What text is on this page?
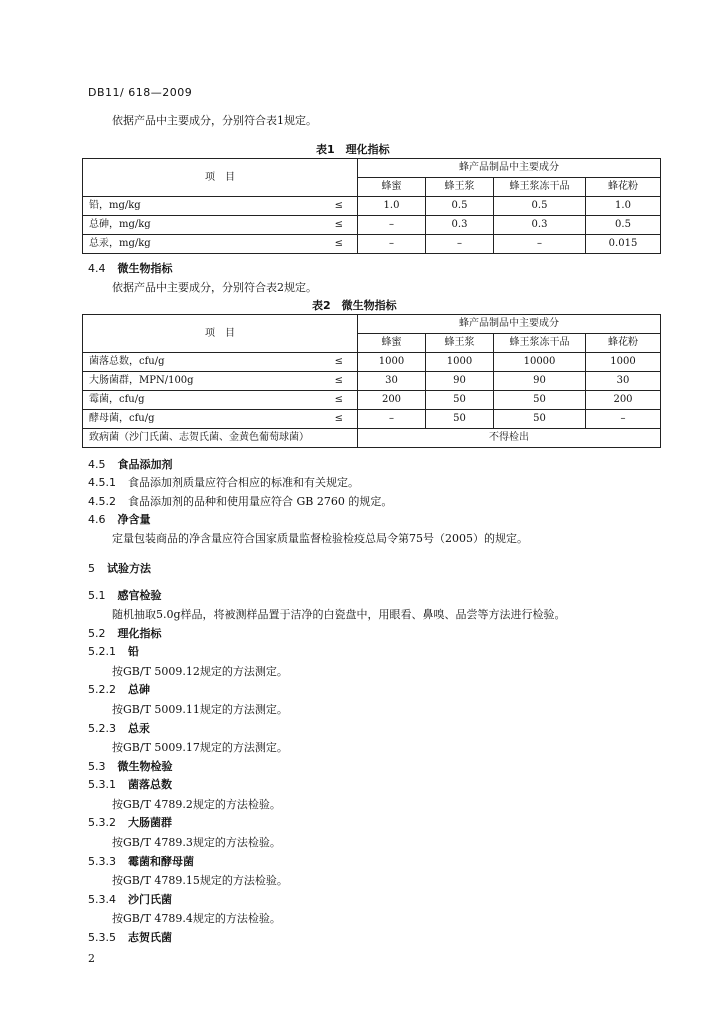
DB11/ 618—2009
依据产品中主要成分，分别符合表1规定。
表1　理化指标
项　目		蜂产品制品中主要成分			
		蜂蜜	蜂王浆	蜂王浆冻干品	蜂花粉
铅，mg/kg	≤	1.0	0.5	0.5	1.0
总砷，mg/kg	≤	–	0.3	0.3	0.5
总汞，mg/kg	≤	–	–	–	0.015
4.4 微生物指标
依据产品中主要成分，分别符合表2规定。
表2　微生物指标
项　目		蜂产品制品中主要成分			
		蜂蜜	蜂王浆	蜂王浆冻干品	蜂花粉
菌落总数，cfu/g	≤	1000	1000	10000	1000
大肠菌群，MPN/100g	≤	30	90	90	30
霉菌，cfu/g	≤	200	50	50	200
酵母菌，cfu/g	≤	–	50	50	–
致病菌（沙门氏菌、志贺氏菌、金黄色葡萄球菌）		不得检出			
4.5 食品添加剂
4.5.1 食品添加剂质量应符合相应的标准和有关规定。
4.5.2 食品添加剂的品种和使用量应符合 GB 2760 的规定。
4.6 净含量
定量包装商品的净含量应符合国家质量监督检验检疫总局令第75号（2005）的规定。
5 试验方法
5.1 感官检验
随机抽取5.0g样品，将被测样品置于洁净的白瓷盘中，用眼看、鼻嗅、品尝等方法进行检验。
5.2 理化指标
5.2.1 铅
按GB/T 5009.12规定的方法测定。
5.2.2 总砷
按GB/T 5009.11规定的方法测定。
5.2.3 总汞
按GB/T 5009.17规定的方法测定。
5.3 微生物检验
5.3.1 菌落总数
按GB/T 4789.2规定的方法检验。
5.3.2 大肠菌群
按GB/T 4789.3规定的方法检验。
5.3.3 霉菌和酵母菌
按GB/T 4789.15规定的方法检验。
5.3.4 沙门氏菌
按GB/T 4789.4规定的方法检验。
5.3.5 志贺氏菌
2
